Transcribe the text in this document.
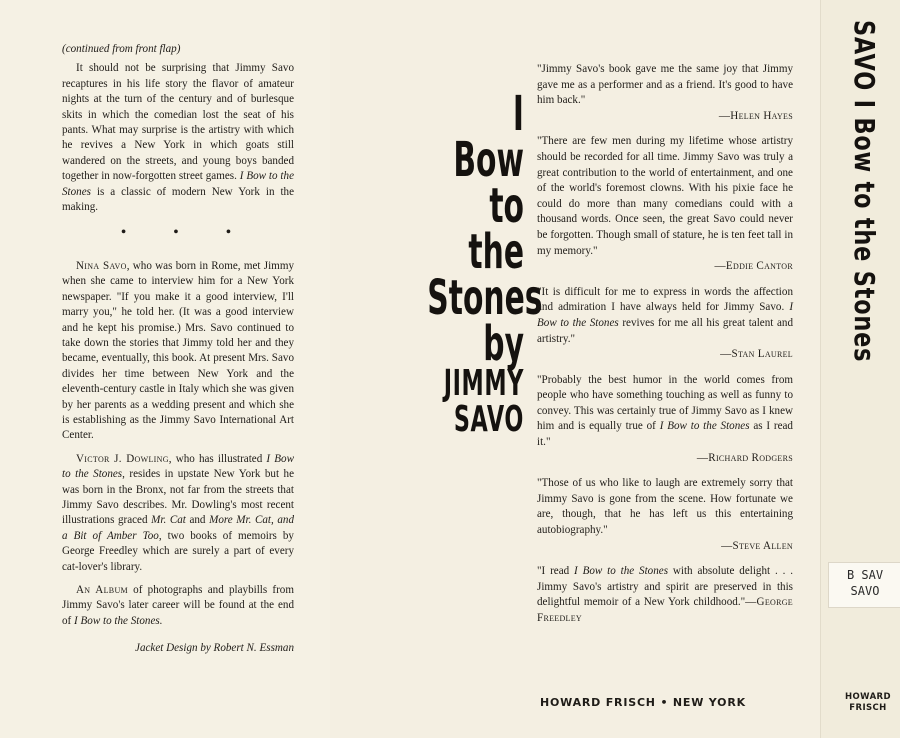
(continued from front flap)

It should not be surprising that Jimmy Savo recaptures in his life story the flavor of amateur nights at the turn of the century and of burlesque skits in which the comedian lost the seat of his pants. What may surprise is the artistry with which he revives a New York in which goats still wandered on the streets, and young boys banded together in now-forgotten street games. I Bow to the Stones is a classic of modern New York in the making.

• • •

Nina Savo, who was born in Rome, met Jimmy when she came to interview him for a New York newspaper. "If you make it a good interview, I'll marry you," he told her. (It was a good interview and he kept his promise.) Mrs. Savo continued to take down the stories that Jimmy told her and they became, eventually, this book. At present Mrs. Savo divides her time between New York and the eleventh-century castle in Italy which she was given by her parents as a wedding present and which she is establishing as the Jimmy Savo International Art Center.

Victor J. Dowling, who has illustrated I Bow to the Stones, resides in upstate New York but he was born in the Bronx, not far from the streets that Jimmy Savo describes. Mr. Dowling's most recent illustrations graced Mr. Cat and More Mr. Cat, and a Bit of Amber Too, two books of memoirs by George Freedley which are surely a part of every cat-lover's library.

An Album of photographs and playbills from Jimmy Savo's later career will be found at the end of I Bow to the Stones.

Jacket Design by Robert N. Essman

I
Bow
to
the
Stones
by
JIMMY
SAVO
"Jimmy Savo's book gave me the same joy that Jimmy gave me as a performer and as a friend. It's good to have him back."
—Helen Hayes
"There are few men during my lifetime whose artistry should be recorded for all time. Jimmy Savo was truly a great contribution to the world of entertainment, and one of the world's foremost clowns. With his pixie face he could do more than many comedians could with a thousand words. Once seen, the great Savo could never be forgotten. Though small of stature, he is ten feet tall in my memory."
—Eddie Cantor
"It is difficult for me to express in words the affection and admiration I have always held for Jimmy Savo. I Bow to the Stones revives for me all his great talent and artistry."
—Stan Laurel
"Probably the best humor in the world comes from people who have something touching as well as funny to convey. This was certainly true of Jimmy Savo as I knew him and is equally true of I Bow to the Stones as I read it."
—Richard Rodgers
"Those of us who like to laugh are extremely sorry that Jimmy Savo is gone from the scene. How fortunate we are, though, that he has left us this entertaining autobiography."
—Steve Allen
"I read I Bow to the Stones with absolute delight . . . Jimmy Savo's artistry and spirit are preserved in this delightful memoir of a New York childhood."—George Freedley
HOWARD FRISCH • NEW YORK
SAVO I Bow to the Stones
B SAV
SAVO
HOWARD
FRISCH
